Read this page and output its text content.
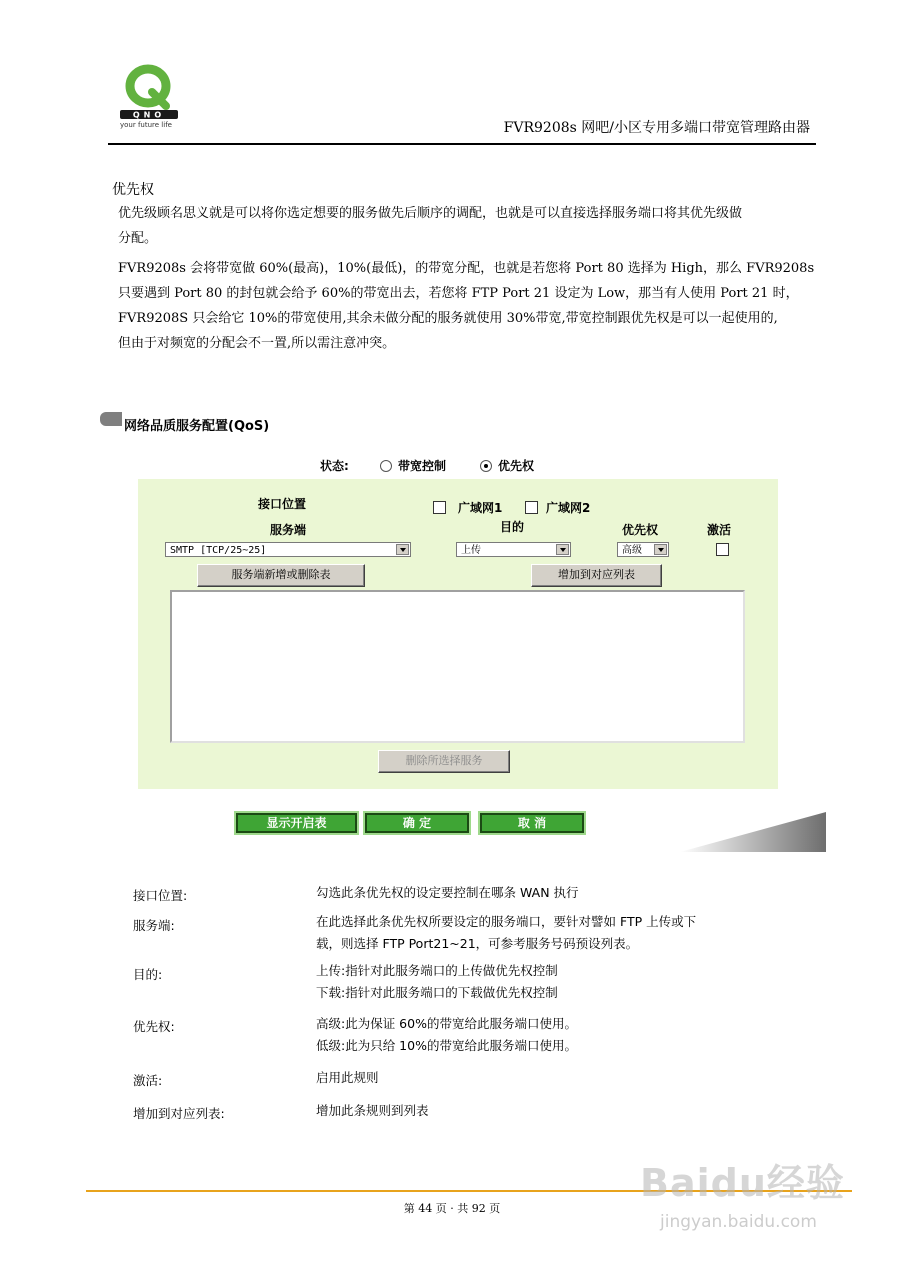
QNO
your future life	FVR9208s 网吧/小区专用多端口带宽管理路由器
优先权

优先级顾名思义就是可以将你选定想要的服务做先后顺序的调配，也就是可以直接选择服务端口将其优先级做

分配。

FVR9208s 会将带宽做 60%(最高)，10%(最低)，的带宽分配，也就是若您将 Port 80 选择为 High，那么 FVR9208s

只要遇到 Port 80 的封包就会给予 60%的带宽出去，若您将 FTP Port 21 设定为 Low，那当有人使用 Port 21 时，

FVR9208S 只会给它 10%的带宽使用,其余未做分配的服务就使用 30%带宽,带宽控制跟优先权是可以一起使用的,

但由于对频宽的分配会不一置,所以需注意冲突。

网络品质服务配置(QoS)
状态:	带宽控制	优先权
接口位置	广域网1	广域网2
服务端	目的	优先权	激活
SMTP [TCP/25~25]	上传	高级
服务端新增或删除表	增加到对应列表
删除所选择服务
显示开启表	确 定	取 消
接口位置:	勾选此条优先权的设定要控制在哪条 WAN 执行
服务端:	在此选择此条优先权所要设定的服务端口，要针对譬如 FTP 上传或下
载，则选择 FTP Port21~21，可参考服务号码预设列表。
目的:	上传:指针对此服务端口的上传做优先权控制
下载:指针对此服务端口的下载做优先权控制
优先权:	高级:此为保证 60%的带宽给此服务端口使用。
低级:此为只给 10%的带宽给此服务端口使用。
激活:	启用此规则
增加到对应列表:	增加此条规则到列表
第 44 页 · 共 92 页
Baidu经验
jingyan.baidu.com
